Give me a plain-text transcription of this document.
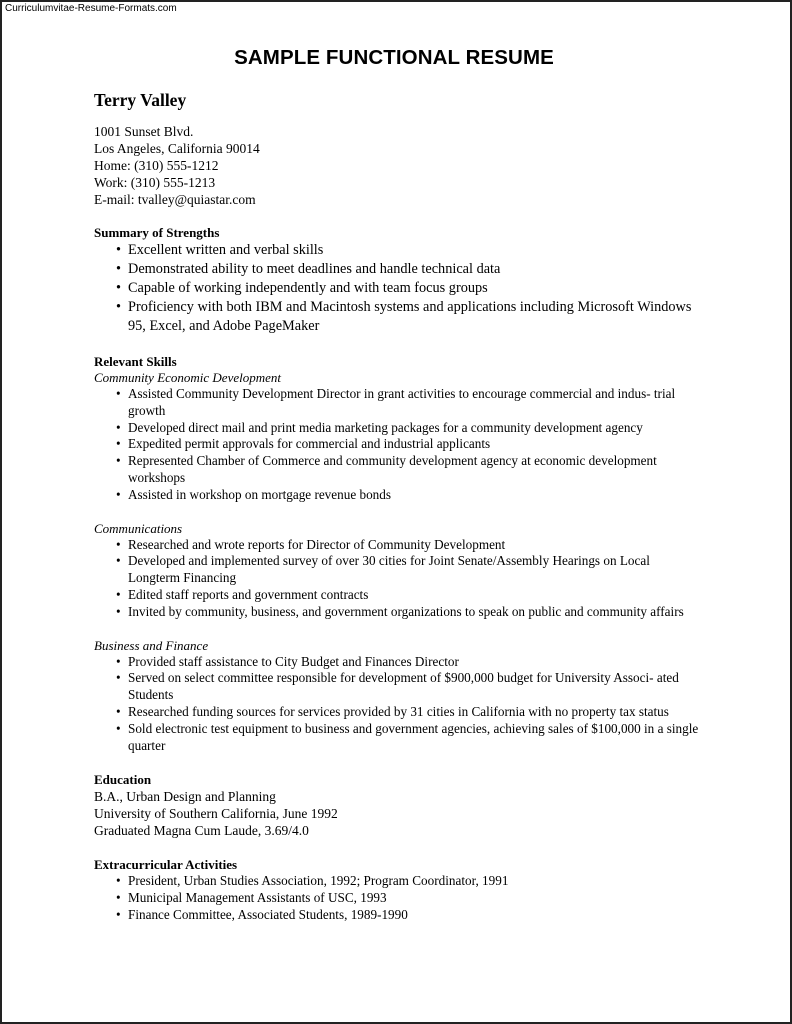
Curriculumvitae-Resume-Formats.com
SAMPLE FUNCTIONAL RESUME
Terry Valley
1001 Sunset Blvd.
Los Angeles, California 90014
Home: (310) 555-1212
Work: (310) 555-1213
E-mail: tvalley@quiastar.com
Summary of Strengths
• Excellent written and verbal skills
• Demonstrated ability to meet deadlines and handle technical data
• Capable of working independently and with team focus groups
• Proficiency with both IBM and Macintosh systems and applications including Microsoft Windows 95, Excel, and Adobe PageMaker
Relevant Skills
Community Economic Development
• Assisted Community Development Director in grant activities to encourage commercial and indus- trial growth
• Developed direct mail and print media marketing packages for a community development agency
• Expedited permit approvals for commercial and industrial applicants
• Represented Chamber of Commerce and community development agency at economic development workshops
• Assisted in workshop on mortgage revenue bonds
Communications
• Researched and wrote reports for Director of Community Development
• Developed and implemented survey of over 30 cities for Joint Senate/Assembly Hearings on Local Longterm Financing
• Edited staff reports and government contracts
• Invited by community, business, and government organizations to speak on public and community affairs
Business and Finance
• Provided staff assistance to City Budget and Finances Director
• Served on select committee responsible for development of $900,000 budget for University Associ- ated Students
• Researched funding sources for services provided by 31 cities in California with no property tax status
• Sold electronic test equipment to business and government agencies, achieving sales of $100,000 in a single quarter
Education
B.A., Urban Design and Planning
University of Southern California, June 1992
Graduated Magna Cum Laude, 3.69/4.0
Extracurricular Activities
• President, Urban Studies Association, 1992; Program Coordinator, 1991
• Municipal Management Assistants of USC, 1993
• Finance Committee, Associated Students, 1989-1990
